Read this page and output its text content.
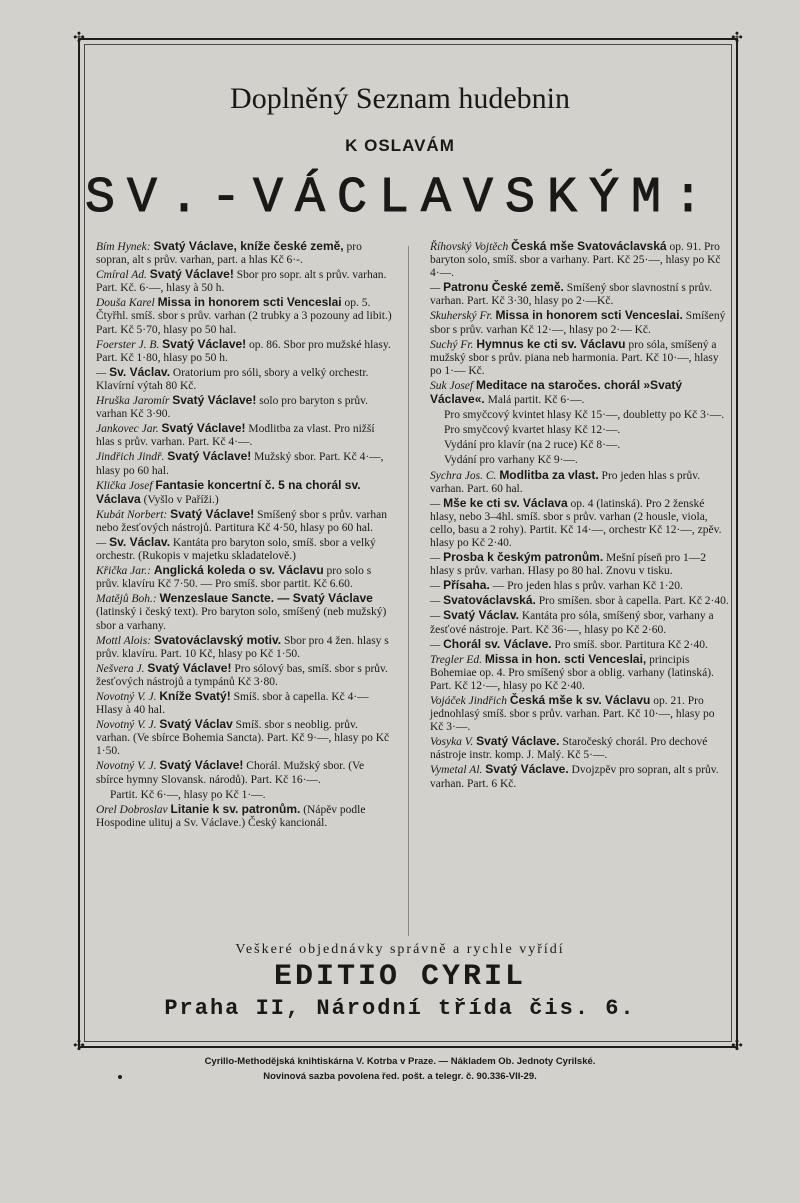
✣	✣
✣	✣
Doplněný Seznam hudebnin
K OSLAVÁM
SV.-VÁCLAVSKÝM:
Bím Hynek: Svatý Václave, kníže české země, pro sopran, alt s prův. varhan, part. a hlas Kč 6·-.
Cmíral Ad. Svatý Václave! Sbor pro sopr. alt s prův. varhan. Part. Kč. 6·—, hlasy à 50 h.
Douša Karel Missa in honorem scti Venceslai op. 5. Čtyřhl. smíš. sbor s prův. varhan (2 trubky a 3 pozouny ad libit.) Part. Kč 5·70, hlasy po 50 hal.
Foerster J. B. Svatý Václave! op. 86. Sbor pro mužské hlasy. Part. Kč 1·80, hlasy po 50 h.
— Sv. Václav. Oratorium pro sóli, sbory a velký orchestr. Klavírní výtah 80 Kč.
Hruška Jaromír Svatý Václave! solo pro baryton s prův. varhan Kč 3·90.
Jankovec Jar. Svatý Václave! Modlitba za vlast. Pro nižší hlas s prův. varhan. Part. Kč 4·—.
Jindřich Jindř. Svatý Václave! Mužský sbor. Part. Kč 4·—, hlasy po 60 hal.
Klička Josef Fantasie koncertní č. 5 na chorál sv. Václava (Vyšlo v Paříži.)
Kubát Norbert: Svatý Václave! Smíšený sbor s prův. varhan nebo žesťových nástrojů. Partitura Kč 4·50, hlasy po 60 hal.
— Sv. Václav. Kantáta pro baryton solo, smíš. sbor a velký orchestr. (Rukopis v majetku skladatelově.)
Křička Jar.: Anglická koleda o sv. Václavu pro solo s prův. klavíru Kč 7·50. — Pro smíš. sbor partit. Kč 6.60.
Matějů Boh.: Wenzeslaue Sancte. — Svatý Václave (latinský i český text). Pro baryton solo, smíšený (neb mužský) sbor a varhany.
Mottl Alois: Svatováclavský motiv. Sbor pro 4 žen. hlasy s prův. klavíru. Part. 10 Kč, hlasy po Kč 1·50.
Nešvera J. Svatý Václave! Pro sólový bas, smíš. sbor s prův. žesťových nástrojů a tympánů Kč 3·80.
Novotný V. J. Kníže Svatý! Smíš. sbor à capella. Kč 4·— Hlasy à 40 hal.
Novotný V. J. Svatý Václav Smíš. sbor s neoblig. prův. varhan. (Ve sbírce Bohemia Sancta). Part. Kč 9·—, hlasy po Kč 1·50.
Novotný V. J. Svatý Václave! Chorál. Mužský sbor. (Ve sbírce hymny Slovansk. národů). Part. Kč 16·—.
Partit. Kč 6·—, hlasy po Kč 1·—.
Orel Dobroslav Litanie k sv. patronům. (Nápěv podle Hospodine ulituj a Sv. Václave.) Český kancionál.
Říhovský Vojtěch Česká mše Svatováclavská op. 91. Pro baryton solo, smíš. sbor a varhany. Part. Kč 25·—, hlasy po Kč 4·—.
— Patronu České země. Smíšený sbor slavnostní s prův. varhan. Part. Kč 3·30, hlasy po 2·—Kč.
Skuherský Fr. Missa in honorem scti Venceslai. Smíšený sbor s prův. varhan Kč 12·—, hlasy po 2·— Kč.
Suchý Fr. Hymnus ke cti sv. Václavu pro sóla, smíšený a mužský sbor s prův. piana neb harmonia. Part. Kč 10·—, hlasy po 1·— Kč.
Suk Josef Meditace na staročes. chorál »Svatý Václave«. Malá partit. Kč 6·—.
Pro smyčcový kvintet hlasy Kč 15·—, doubletty po Kč 3·—.
Pro smyčcový kvartet hlasy Kč 12·—.
Vydání pro klavír (na 2 ruce) Kč 8·—.
Vydání pro varhany Kč 9·—.
Sychra Jos. C. Modlitba za vlast. Pro jeden hlas s prův. varhan. Part. 60 hal.
— Mše ke cti sv. Václava op. 4 (latinská). Pro 2 ženské hlasy, nebo 3–4hl. smíš. sbor s prův. varhan (2 housle, viola, cello, basu a 2 rohy). Partit. Kč 14·—, orchestr Kč 12·—, zpěv. hlasy po Kč 2·40.
— Prosba k českým patronům. Mešní píseň pro 1—2 hlasy s prův. varhan. Hlasy po 80 hal. Znovu v tisku.
— Přísaha. — Pro jeden hlas s prův. varhan Kč 1·20.
— Svatováclavská. Pro smíšen. sbor à capella. Part. Kč 2·40.
— Svatý Václav. Kantáta pro sóla, smíšený sbor, varhany a žesťové nástroje. Part. Kč 36·—, hlasy po Kč 2·60.
— Chorál sv. Václave. Pro smíš. sbor. Partitura Kč 2·40.
Tregler Ed. Missa in hon. scti Venceslai, principis Bohemiae op. 4. Pro smíšený sbor a oblig. varhany (latinská). Part. Kč 12·—, hlasy po Kč 2·40.
Vojáček Jindřich Česká mše k sv. Václavu op. 21. Pro jednohlasý smíš. sbor s prův. varhan. Part. Kč 10·—, hlasy po Kč 3·—.
Vosyka V. Svatý Václave. Staročeský chorál. Pro dechové nástroje instr. komp. J. Malý. Kč 5·—.
Vymetal Al. Svatý Václave. Dvojzpěv pro sopran, alt s prův. varhan. Part. 6 Kč.
Veškeré objednávky správně a rychle vyřídí
EDITIO CYRIL
Praha II, Národní třída čis. 6.
Cyrillo-Methodějská knihtiskárna V. Kotrba v Praze. — Nákladem Ob. Jednoty Cyrilské.
Novinová sazba povolena řed. pošt. a telegr. č. 90.336-VII-29.
